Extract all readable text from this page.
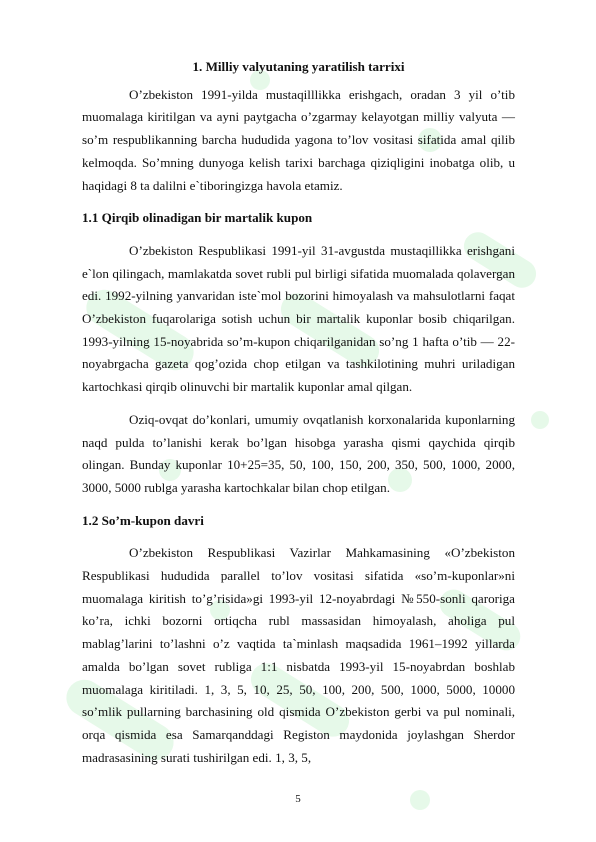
1. Milliy valyutaning yaratilish tarrixi

O’zbekiston 1991-yilda mustaqilllikka erishgach, oradan 3 yil o’tib muomalaga kiritilgan va ayni paytgacha o’zgarmay kelayotgan milliy valyuta — so’m respublikanning barcha hududida yagona to’lov vositasi sifatida amal qilib kelmoqda. So’mning dunyoga kelish tarixi barchaga qiziqligini inobatga olib, u haqidagi 8 ta dalilni e`tiboringizga havola etamiz.

1.1 Qirqib olinadigan bir martalik kupon

O’zbekiston Respublikasi 1991-yil 31-avgustda mustaqillikka erishgani e`lon qilingach, mamlakatda sovet rubli pul birligi sifatida muomalada qolavergan edi. 1992-yilning yanvaridan iste`mol bozorini himoyalash va mahsulotlarni faqat O’zbekiston fuqarolariga sotish uchun bir martalik kuponlar bosib chiqarilgan. 1993-yilning 15-noyabrida so’m-kupon chiqarilganidan so’ng 1 hafta o’tib — 22-noyabrgacha gazeta qog’ozida chop etilgan va tashkilotining muhri uriladigan kartochkasi qirqib olinuvchi bir martalik kuponlar amal qilgan.

Oziq-ovqat do’konlari, umumiy ovqatlanish korxonalarida kuponlarning naqd pulda to’lanishi kerak bo’lgan hisobga yarasha qismi qaychida qirqib olingan. Bunday kuponlar 10+25=35, 50, 100, 150, 200, 350, 500, 1000, 2000, 3000, 5000 rublga yarasha kartochkalar bilan chop etilgan.

1.2 So’m-kupon davri

O’zbekiston Respublikasi Vazirlar Mahkamasining «O’zbekiston Respublikasi hududida parallel to’lov vositasi sifatida «so’m-kuponlar»ni muomalaga kiritish to’g’risida»gi 1993-yil 12-noyabrdagi №550-sonli qaroriga ko’ra, ichki bozorni ortiqcha rubl massasidan himoyalash, aholiga pul mablag’larini to’lashni o’z vaqtida ta`minlash maqsadida 1961–1992 yillarda amalda bo’lgan sovet rubliga 1:1 nisbatda 1993-yil 15-noyabrdan boshlab muomalaga kiritiladi. 1, 3, 5, 10, 25, 50, 100, 200, 500, 1000, 5000, 10000 so’mlik pullarning barchasining old qismida O’zbekiston gerbi va pul nominali, orqa qismida esa Samarqanddagi Registon maydonida joylashgan Sherdor madrasasining surati tushirilgan edi. 1, 3, 5,

5
